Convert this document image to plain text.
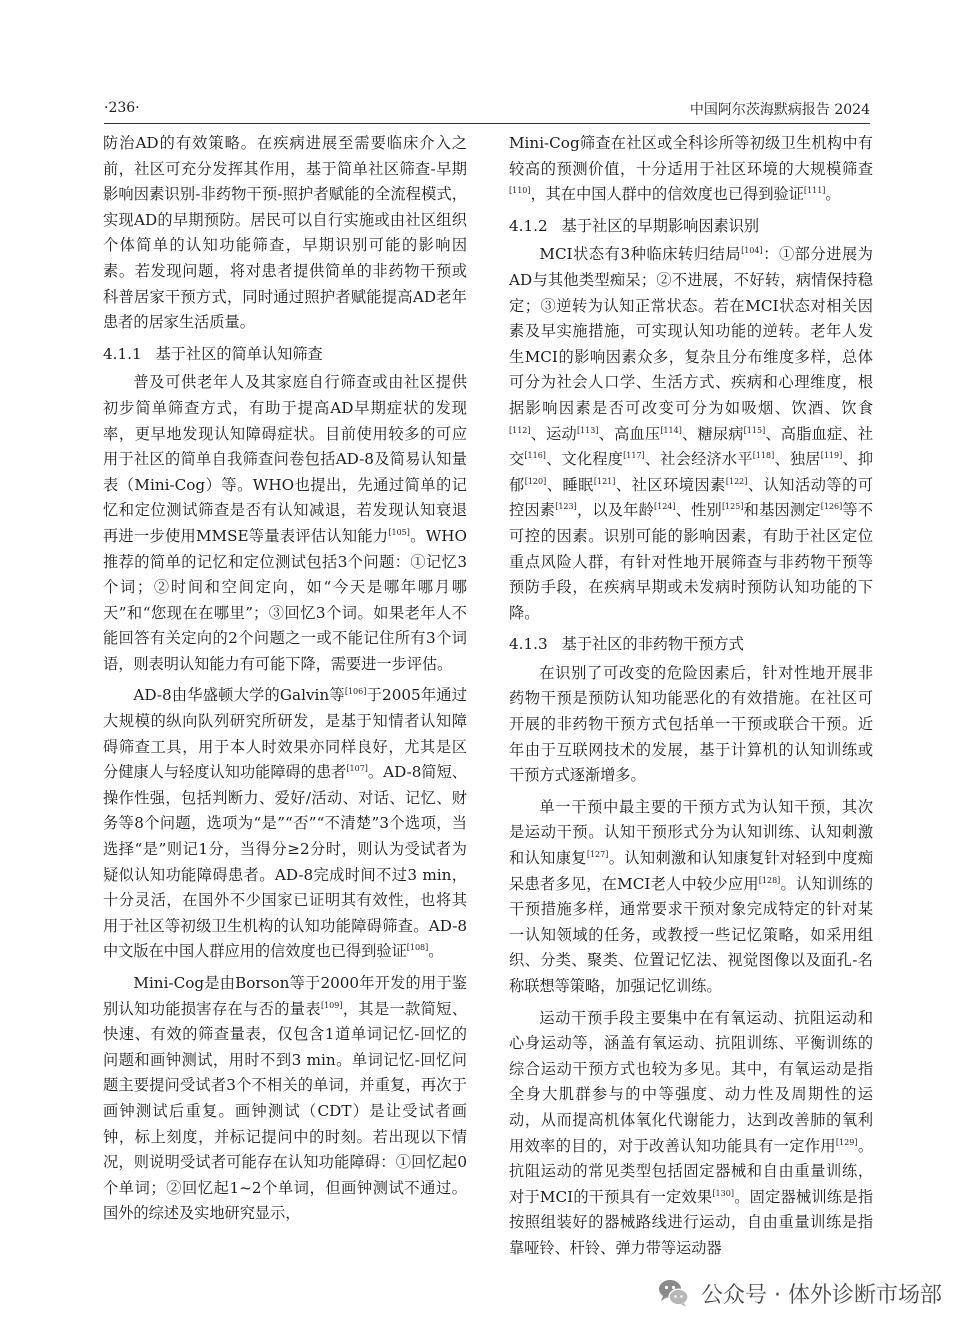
·236·	中国阿尔茨海默病报告 2024

防治AD的有效策略。在疾病进展至需要临床介入之前，社区可充分发挥其作用，基于简单社区筛查-早期影响因素识别-非药物干预-照护者赋能的全流程模式，实现AD的早期预防。居民可以自行实施或由社区组织个体简单的认知功能筛查，早期识别可能的影响因素。若发现问题，将对患者提供简单的非药物干预或科普居家干预方式，同时通过照护者赋能提高AD老年患者的居家生活质量。

4.1.1 基于社区的简单认知筛查

普及可供老年人及其家庭自行筛查或由社区提供初步简单筛查方式，有助于提高AD早期症状的发现率，更早地发现认知障碍症状。目前使用较多的可应用于社区的简单自我筛查问卷包括AD-8及简易认知量表（Mini-Cog）等。WHO也提出，先通过简单的记忆和定位测试筛查是否有认知减退，若发现认知衰退再进一步使用MMSE等量表评估认知能力[105]。WHO推荐的简单的记忆和定位测试包括3个问题：①记忆3个词；②时间和空间定向，如“今天是哪年哪月哪天”和“您现在在哪里”；③回忆3个词。如果老年人不能回答有关定向的2个问题之一或不能记住所有3个词语，则表明认知能力有可能下降，需要进一步评估。

AD-8由华盛顿大学的Galvin等[106]于2005年通过大规模的纵向队列研究所研发，是基于知情者认知障碍筛查工具，用于本人时效果亦同样良好，尤其是区分健康人与轻度认知功能障碍的患者[107]。AD-8简短、操作性强，包括判断力、爱好/活动、对话、记忆、财务等8个问题，选项为“是”“否”“不清楚”3个选项，当选择“是”则记1分，当得分≥2分时，则认为受试者为疑似认知功能障碍患者。AD-8完成时间不过3 min，十分灵活，在国外不少国家已证明其有效性，也将其用于社区等初级卫生机构的认知功能障碍筛查。AD-8中文版在中国人群应用的信效度也已得到验证[108]。

Mini-Cog是由Borson等于2000年开发的用于鉴别认知功能损害存在与否的量表[109]，其是一款简短、快速、有效的筛查量表，仅包含1道单词记忆-回忆的问题和画钟测试，用时不到3 min。单词记忆-回忆问题主要提问受试者3个不相关的单词，并重复，再次于画钟测试后重复。画钟测试（CDT）是让受试者画钟，标上刻度，并标记提问中的时刻。若出现以下情况，则说明受试者可能存在认知功能障碍：①回忆起0个单词；②回忆起1~2个单词，但画钟测试不通过。国外的综述及实地研究显示，

Mini-Cog筛查在社区或全科诊所等初级卫生机构中有较高的预测价值，十分适用于社区环境的大规模筛查[110]，其在中国人群中的信效度也已得到验证[111]。

4.1.2 基于社区的早期影响因素识别

MCI状态有3种临床转归结局[104]：①部分进展为AD与其他类型痴呆；②不进展，不好转，病情保持稳定；③逆转为认知正常状态。若在MCI状态对相关因素及早实施措施，可实现认知功能的逆转。老年人发生MCI的影响因素众多，复杂且分布维度多样，总体可分为社会人口学、生活方式、疾病和心理维度，根据影响因素是否可改变可分为如吸烟、饮酒、饮食[112]、运动[113]、高血压[114]、糖尿病[115]、高脂血症、社交[116]、文化程度[117]、社会经济水平[118]、独居[119]、抑郁[120]、睡眠[121]、社区环境因素[122]、认知活动等的可控因素[123]，以及年龄[124]、性别[125]和基因测定[126]等不可控的因素。识别可能的影响因素，有助于社区定位重点风险人群，有针对性地开展筛查与非药物干预等预防手段，在疾病早期或未发病时预防认知功能的下降。

4.1.3 基于社区的非药物干预方式

在识别了可改变的危险因素后，针对性地开展非药物干预是预防认知功能恶化的有效措施。在社区可开展的非药物干预方式包括单一干预或联合干预。近年由于互联网技术的发展，基于计算机的认知训练或干预方式逐渐增多。

单一干预中最主要的干预方式为认知干预，其次是运动干预。认知干预形式分为认知训练、认知刺激和认知康复[127]。认知刺激和认知康复针对轻到中度痴呆患者多见，在MCI老人中较少应用[128]。认知训练的干预措施多样，通常要求干预对象完成特定的针对某一认知领域的任务，或教授一些记忆策略，如采用组织、分类、聚类、位置记忆法、视觉图像以及面孔-名称联想等策略，加强记忆训练。

运动干预手段主要集中在有氧运动、抗阻运动和心身运动等，涵盖有氧运动、抗阻训练、平衡训练的综合运动干预方式也较为多见。其中，有氧运动是指全身大肌群参与的中等强度、动力性及周期性的运动，从而提高机体氧化代谢能力，达到改善肺的氧利用效率的目的，对于改善认知功能具有一定作用[129]。抗阻运动的常见类型包括固定器械和自由重量训练，对于MCI的干预具有一定效果[130]。固定器械训练是指按照组装好的器械路线进行运动，自由重量训练是指靠哑铃、杆铃、弹力带等运动器

公众号 · 体外诊断市场部
